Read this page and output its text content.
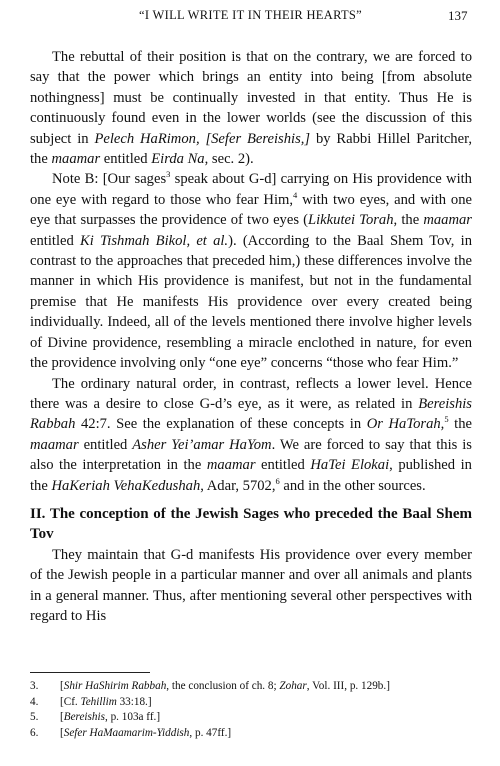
“I WILL WRITE IT IN THEIR HEARTS”	137

The rebuttal of their position is that on the contrary, we are forced to say that the power which brings an entity into being [from absolute nothingness] must be continually invested in that entity. Thus He is continuously found even in the lower worlds (see the discussion of this subject in Pelech HaRimon, [Sefer Bereishis,] by Rabbi Hillel Paritcher, the maamar entitled Eirda Na, sec. 2).

Note B: [Our sages$^3$ speak about G-d] carrying on His providence with one eye with regard to those who fear Him,$^4$ with two eyes, and with one eye that surpasses the providence of two eyes (Likkutei Torah, the maamar entitled Ki Tishmah Bikol, et al.). (According to the Baal Shem Tov, in contrast to the approaches that preceded him,) these differences involve the manner in which His providence is manifest, but not in the fundamental premise that He manifests His providence over every created being individually. Indeed, all of the levels mentioned there involve higher levels of Divine providence, resembling a miracle enclothed in nature, for even the providence involving only “one eye” concerns “those who fear Him.”

The ordinary natural order, in contrast, reflects a lower level. Hence there was a desire to close G-d’s eye, as it were, as related in Bereishis Rabbah 42:7. See the explanation of these concepts in Or HaTorah,$^5$ the maamar entitled Asher Yei’amar HaYom. We are forced to say that this is also the interpretation in the maamar entitled HaTei Elokai, published in the HaKeriah VehaKedushah, Adar, 5702,$^6$ and in the other sources.

II. The conception of the Jewish Sages who preceded the Baal Shem Tov

They maintain that G-d manifests His providence over every member of the Jewish people in a particular manner and over all animals and plants in a general manner. Thus, after mentioning several other perspectives with regard to His

3.	[Shir HaShirim Rabbah, the conclusion of ch. 8; Zohar, Vol. III, p. 129b.]
4.	[Cf. Tehillim 33:18.]
5.	[Bereishis, p. 103a ff.]
6.	[Sefer HaMaamarim-Yiddish, p. 47ff.]
